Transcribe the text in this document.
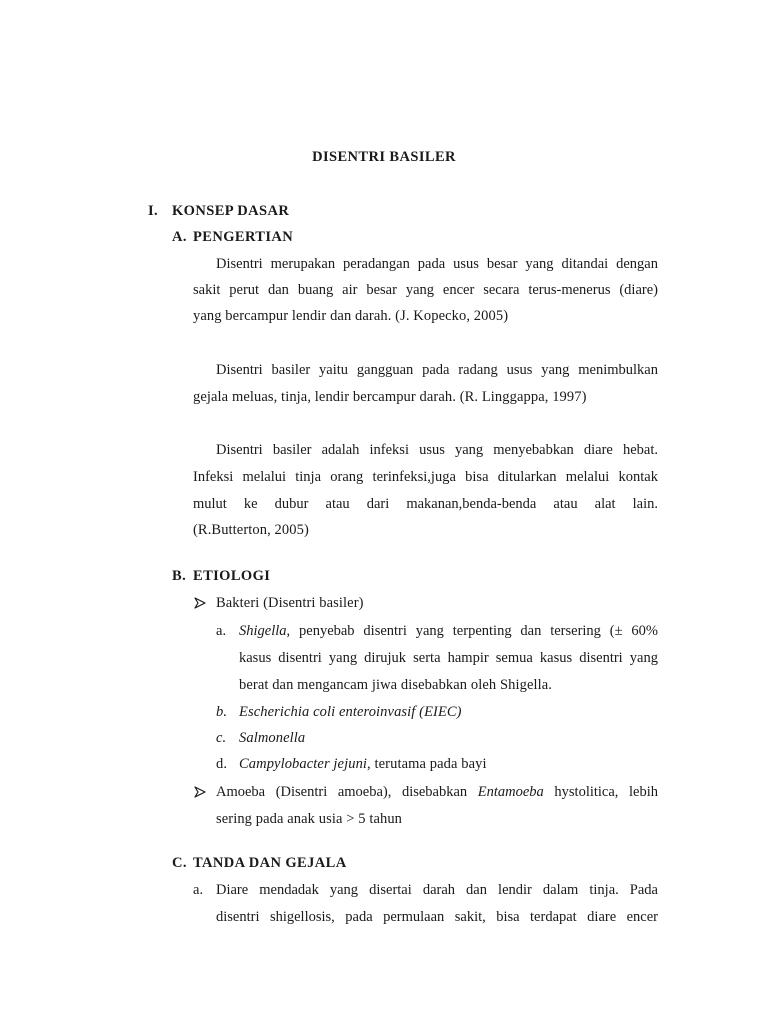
DISENTRI BASILER
I. KONSEP DASAR
A. PENGERTIAN
Disentri merupakan peradangan pada usus besar yang ditandai dengan
sakit perut dan buang air besar yang encer secara terus-menerus (diare)
yang bercampur lendir dan darah. (J. Kopecko, 2005)
Disentri basiler yaitu gangguan pada radang usus yang menimbulkan
gejala meluas, tinja, lendir bercampur darah. (R. Linggappa, 1997)
Disentri basiler adalah infeksi usus yang menyebabkan diare hebat.
Infeksi melalui tinja orang terinfeksi,juga bisa ditularkan melalui kontak
mulut ke dubur atau dari makanan,benda-benda atau alat lain.
(R.Butterton, 2005)
B. ETIOLOGI
Bakteri (Disentri basiler)
a. Shigella, penyebab disentri yang terpenting dan tersering (± 60%
kasus disentri yang dirujuk serta hampir semua kasus disentri yang
berat dan mengancam jiwa disebabkan oleh Shigella.
b. Escherichia coli enteroinvasif (EIEC)
c. Salmonella
d. Campylobacter jejuni, terutama pada bayi
Amoeba (Disentri amoeba), disebabkan Entamoeba hystolitica, lebih
sering pada anak usia > 5 tahun
C. TANDA DAN GEJALA
a. Diare mendadak yang disertai darah dan lendir dalam tinja. Pada
disentri shigellosis, pada permulaan sakit, bisa terdapat diare encer
